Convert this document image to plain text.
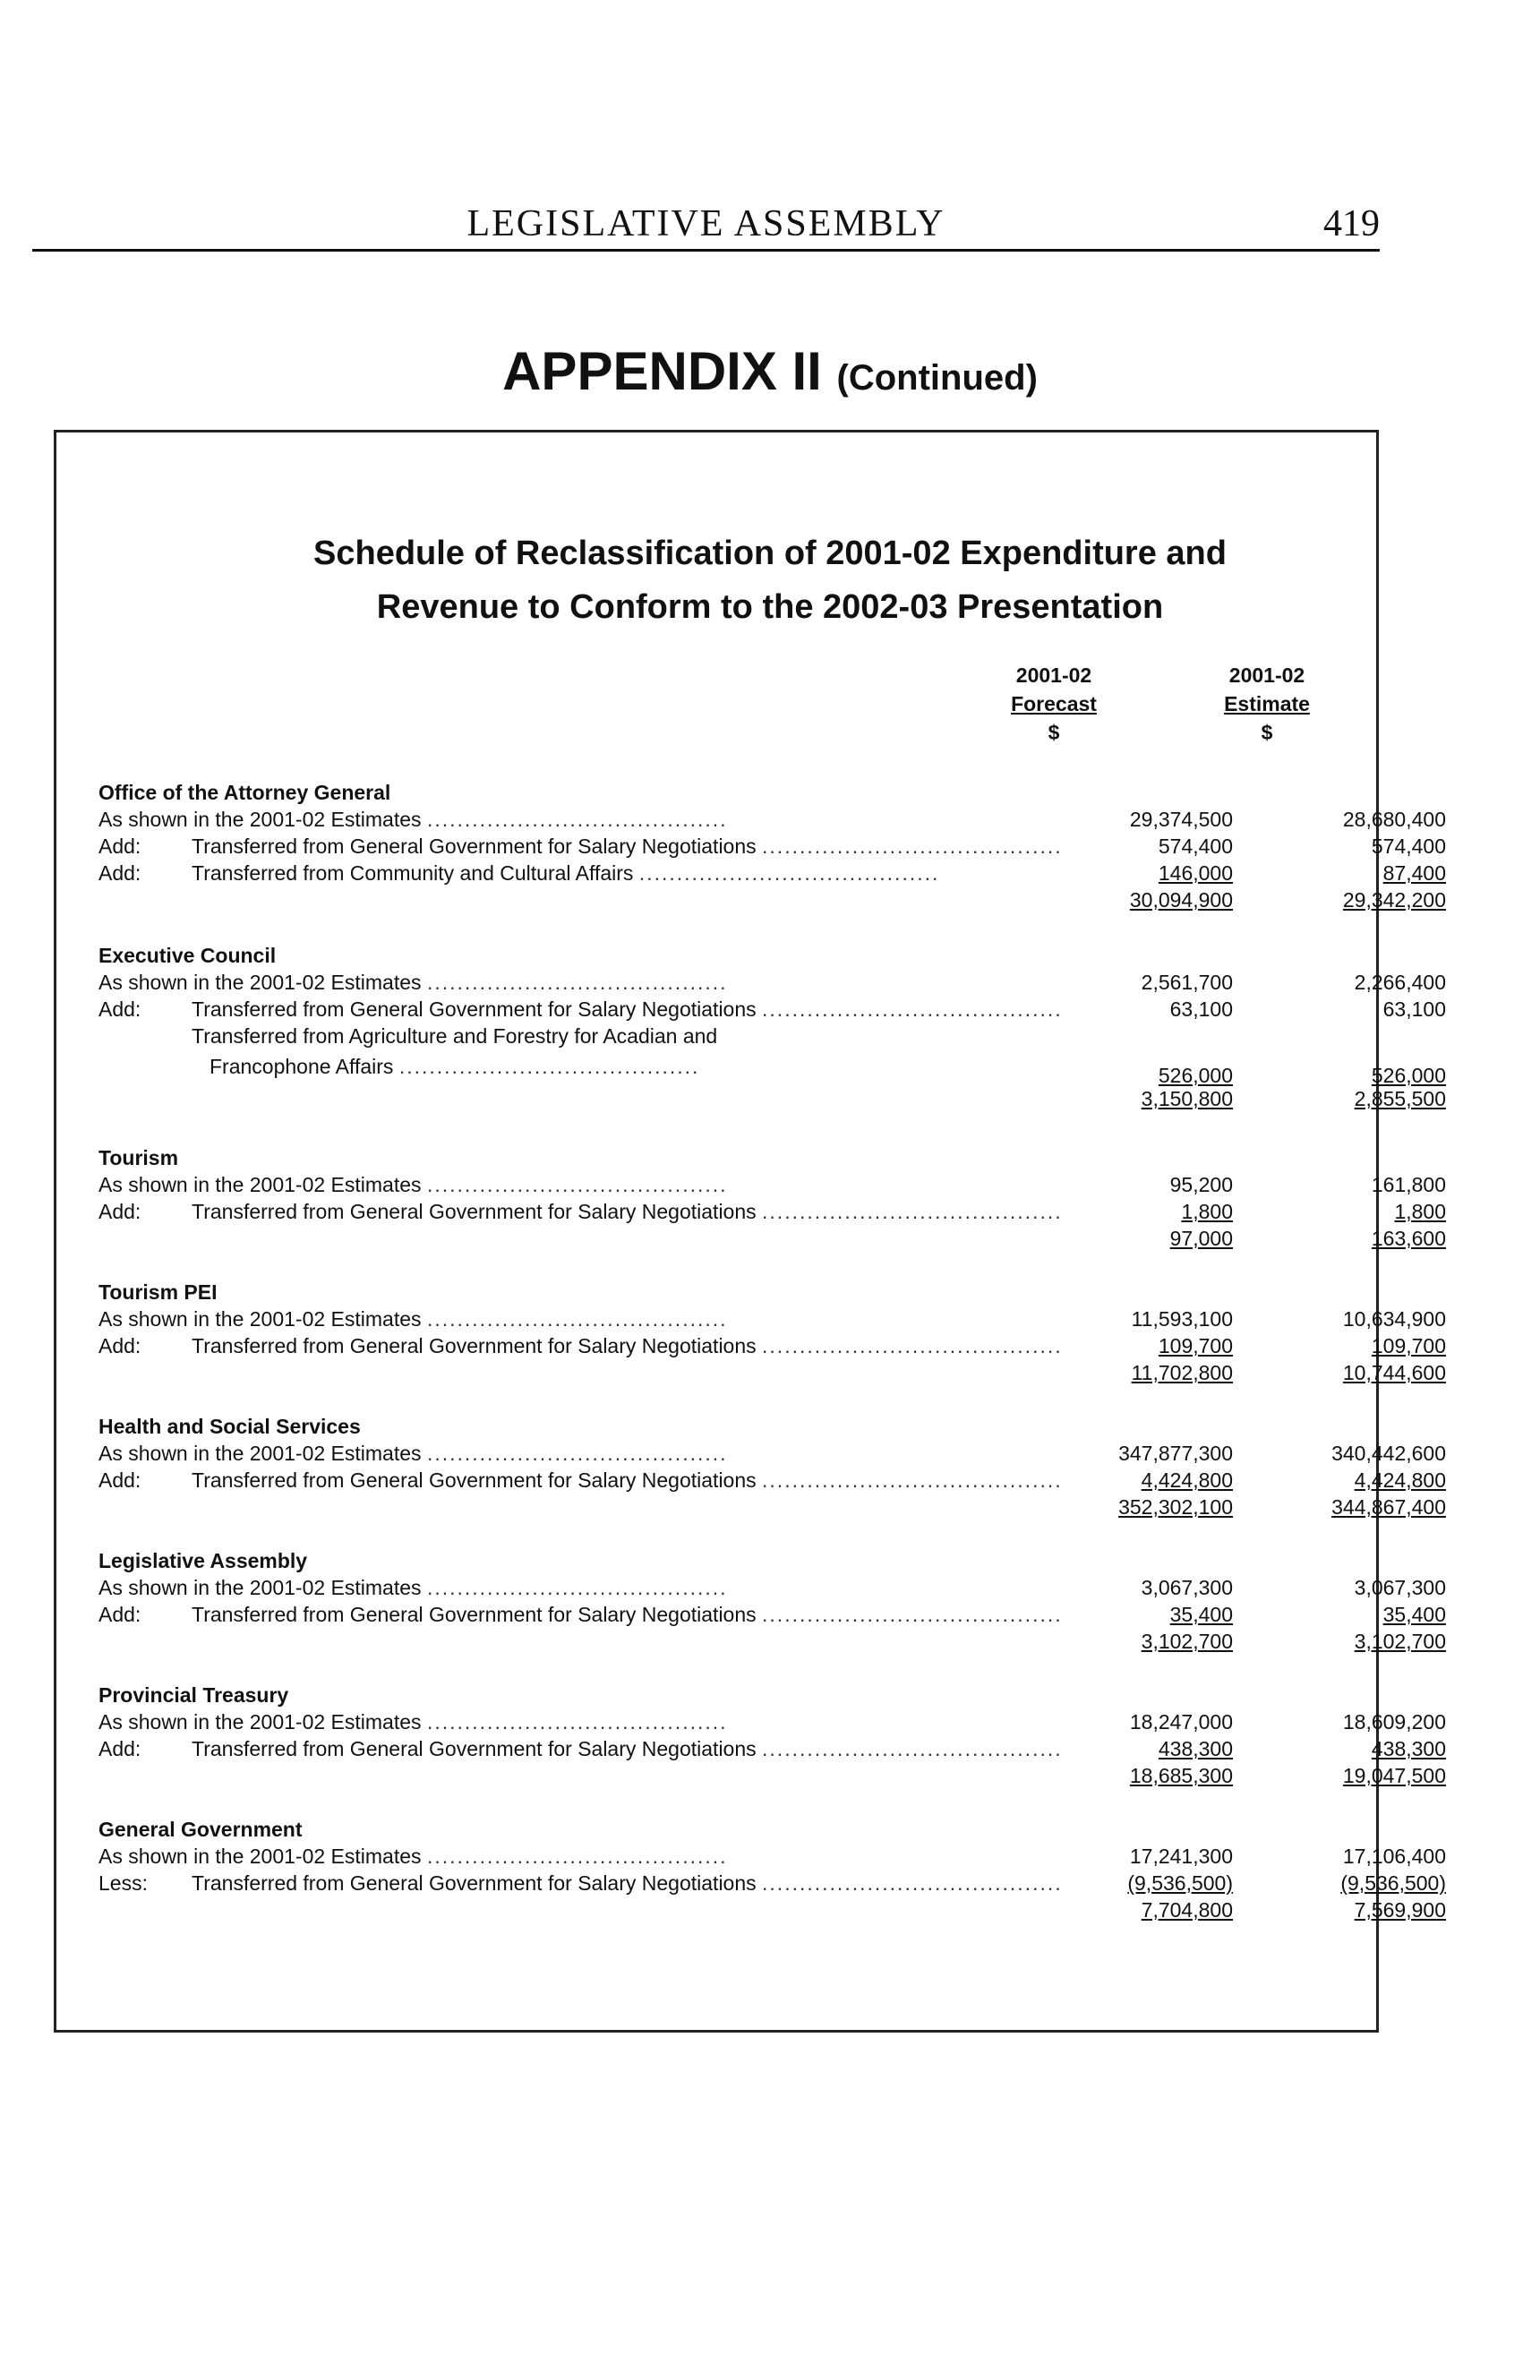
LEGISLATIVE ASSEMBLY	419
APPENDIX II (Continued)
Schedule of Reclassification of 2001-02 Expenditure and
Revenue to Conform to the 2002-03 Presentation
2001-02
Forecast
$
2001-02
Estimate
$
Office of the Attorney General
As shown in the 2001-02 Estimates ........................................	29,374,500	28,680,400
Add: Transferred from General Government for Salary Negotiations ........................................	574,400	574,400
Add: Transferred from Community and Cultural Affairs ........................................	146,000	87,400
30,094,900	29,342,200
Executive Council
As shown in the 2001-02 Estimates ........................................	2,561,700	2,266,400
Add: Transferred from General Government for Salary Negotiations ........................................	63,100	63,100
Transferred from Agriculture and Forestry for Acadian and
Francophone Affairs ........................................	526,000	526,000
3,150,800	2,855,500
Tourism
As shown in the 2001-02 Estimates ........................................	95,200	161,800
Add: Transferred from General Government for Salary Negotiations ........................................	1,800	1,800
97,000	163,600
Tourism PEI
As shown in the 2001-02 Estimates ........................................	11,593,100	10,634,900
Add: Transferred from General Government for Salary Negotiations ........................................	109,700	109,700
11,702,800	10,744,600
Health and Social Services
As shown in the 2001-02 Estimates ........................................	347,877,300	340,442,600
Add: Transferred from General Government for Salary Negotiations ........................................	4,424,800	4,424,800
352,302,100	344,867,400
Legislative Assembly
As shown in the 2001-02 Estimates ........................................	3,067,300	3,067,300
Add: Transferred from General Government for Salary Negotiations ........................................	35,400	35,400
3,102,700	3,102,700
Provincial Treasury
As shown in the 2001-02 Estimates ........................................	18,247,000	18,609,200
Add: Transferred from General Government for Salary Negotiations ........................................	438,300	438,300
18,685,300	19,047,500
General Government
As shown in the 2001-02 Estimates ........................................	17,241,300	17,106,400
Less: Transferred from General Government for Salary Negotiations ........................................	(9,536,500)	(9,536,500)
7,704,800	7,569,900
